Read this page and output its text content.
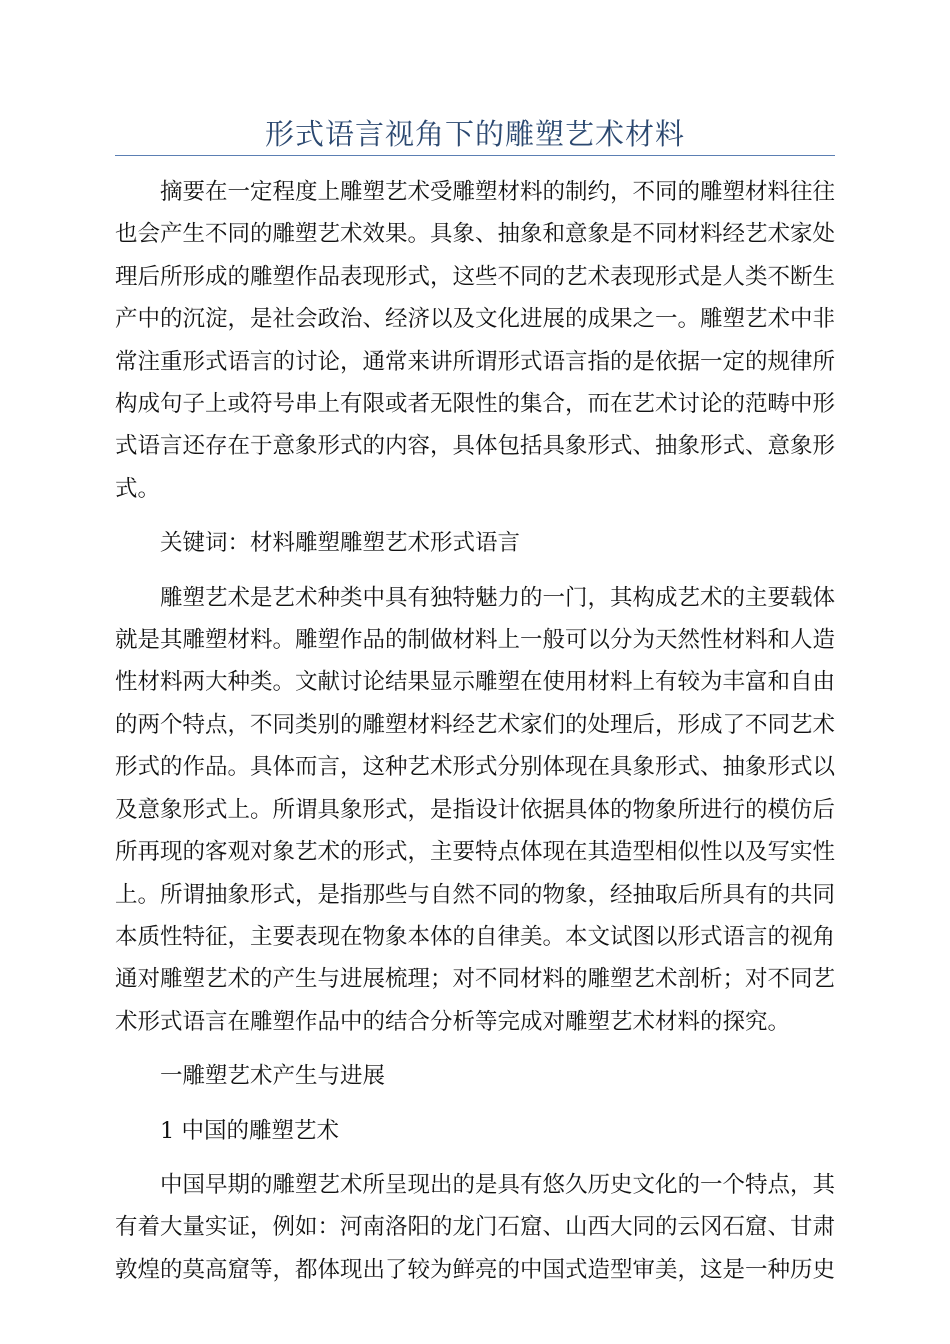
形式语言视角下的雕塑艺术材料

摘要在一定程度上雕塑艺术受雕塑材料的制约，不同的雕塑材料往往也会产生不同的雕塑艺术效果。具象、抽象和意象是不同材料经艺术家处理后所形成的雕塑作品表现形式，这些不同的艺术表现形式是人类不断生产中的沉淀，是社会政治、经济以及文化进展的成果之一。雕塑艺术中非常注重形式语言的讨论，通常来讲所谓形式语言指的是依据一定的规律所构成句子上或符号串上有限或者无限性的集合，而在艺术讨论的范畴中形式语言还存在于意象形式的内容，具体包括具象形式、抽象形式、意象形式。

关键词：材料雕塑雕塑艺术形式语言

雕塑艺术是艺术种类中具有独特魅力的一门，其构成艺术的主要载体就是其雕塑材料。雕塑作品的制做材料上一般可以分为天然性材料和人造性材料两大种类。文献讨论结果显示雕塑在使用材料上有较为丰富和自由的两个特点，不同类别的雕塑材料经艺术家们的处理后，形成了不同艺术形式的作品。具体而言，这种艺术形式分别体现在具象形式、抽象形式以及意象形式上。所谓具象形式，是指设计依据具体的物象所进行的模仿后所再现的客观对象艺术的形式，主要特点体现在其造型相似性以及写实性上。所谓抽象形式，是指那些与自然不同的物象，经抽取后所具有的共同本质性特征，主要表现在物象本体的自律美。本文试图以形式语言的视角通对雕塑艺术的产生与进展梳理；对不同材料的雕塑艺术剖析；对不同艺术形式语言在雕塑作品中的结合分析等完成对雕塑艺术材料的探究。

一雕塑艺术产生与进展

1 中国的雕塑艺术

中国早期的雕塑艺术所呈现出的是具有悠久历史文化的一个特点，其有着大量实证，例如：河南洛阳的龙门石窟、山西大同的云冈石窟、甘肃敦煌的莫高窟等，都体现出了较为鲜亮的中国式造型审美，这是一种历史
